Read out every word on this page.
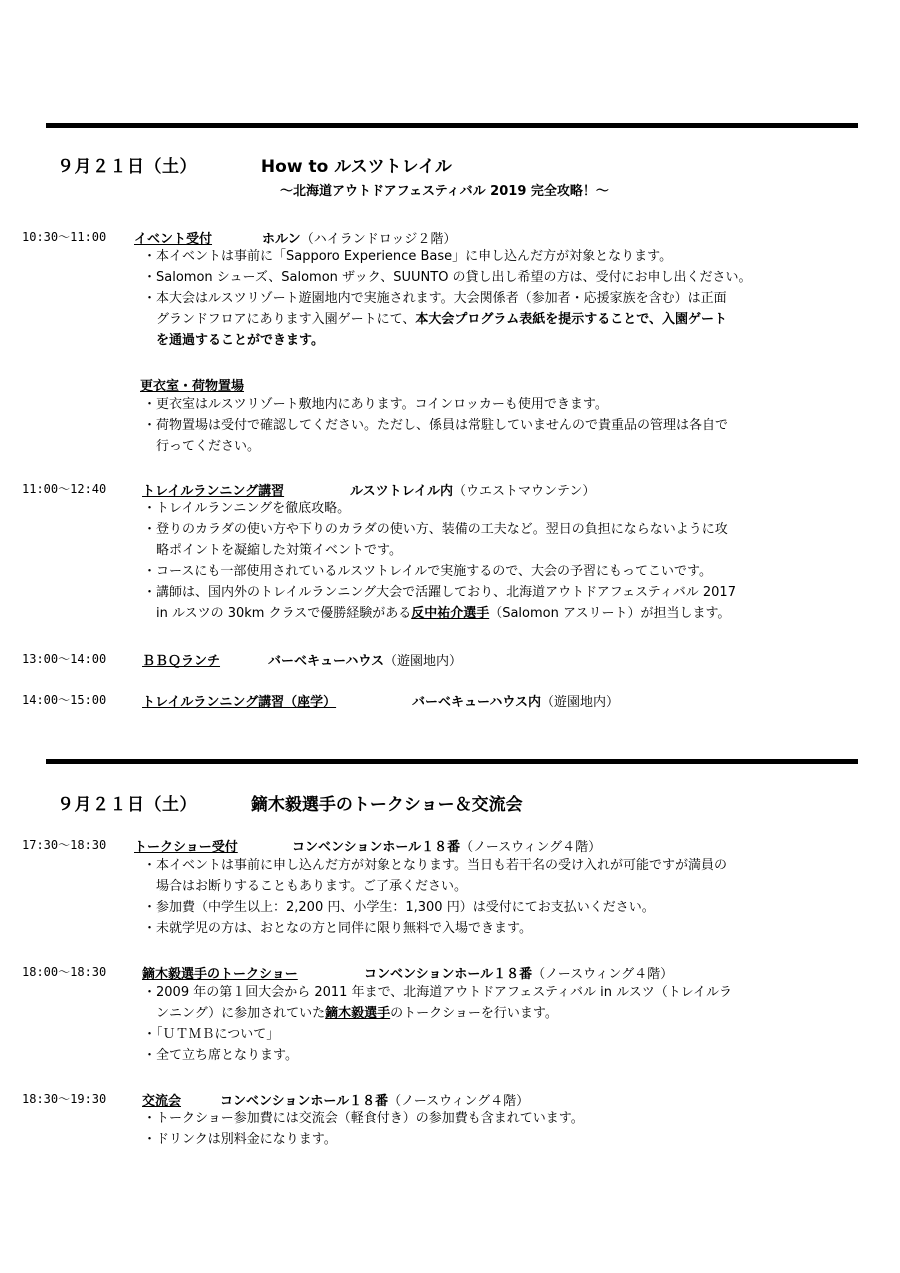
９月２１日（土）	How to ルスツトレイル
～北海道アウトドアフェスティバル 2019 完全攻略！～
10:30～11:00 イベント受付	ホルン（ハイランドロッジ２階）
・本イベントは事前に「Sapporo Experience Base」に申し込んだ方が対象となります。
・Salomon シューズ、Salomon ザック、SUUNTO の貸し出し希望の方は、受付にお申し出ください。
・本大会はルスツリゾート遊園地内で実施されます。大会関係者（参加者・応援家族を含む）は正面
グランドフロアにあります入園ゲートにて、本大会プログラム表紙を提示することで、入園ゲート
を通過することができます。
更衣室・荷物置場
・更衣室はルスツリゾート敷地内にあります。コインロッカーも使用できます。
・荷物置場は受付で確認してください。ただし、係員は常駐していませんので貴重品の管理は各自で
行ってください。
11:00～12:40	トレイルランニング講習	ルスツトレイル内（ウエストマウンテン）
・トレイルランニングを徹底攻略。
・登りのカラダの使い方や下りのカラダの使い方、装備の工夫など。翌日の負担にならないように攻
略ポイントを凝縮した対策イベントです。
・コースにも一部使用されているルスツトレイルで実施するので、大会の予習にもってこいです。
・講師は、国内外のトレイルランニング大会で活躍しており、北海道アウトドアフェスティバル 2017
in ルスツの 30km クラスで優勝経験がある反中祐介選手（Salomon アスリート）が担当します。
13:00～14:00	ＢＢＱランチ	バーベキューハウス（遊園地内）
14:00～15:00	トレイルランニング講習（座学）	バーベキューハウス内（遊園地内）
９月２１日（土）	鏑木毅選手のトークショー＆交流会
17:30～18:30 トークショー受付	コンベンションホール１８番（ノースウィング４階）
・本イベントは事前に申し込んだ方が対象となります。当日も若干名の受け入れが可能ですが満員の
場合はお断りすることもあります。ご了承ください。
・参加費（中学生以上：2,200 円、小学生：1,300 円）は受付にてお支払いください。
・未就学児の方は、おとなの方と同伴に限り無料で入場できます。
18:00～18:30	鏑木毅選手のトークショー	コンベンションホール１８番（ノースウィング４階）
・2009 年の第１回大会から 2011 年まで、北海道アウトドアフェスティバル in ルスツ（トレイルラ
ンニング）に参加されていた鏑木毅選手のトークショーを行います。
・「ＵＴＭＢについて」
・全て立ち席となります。
18:30～19:30	交流会	コンベンションホール１８番（ノースウィング４階）
・トークショー参加費には交流会（軽食付き）の参加費も含まれています。
・ドリンクは別料金になります。
